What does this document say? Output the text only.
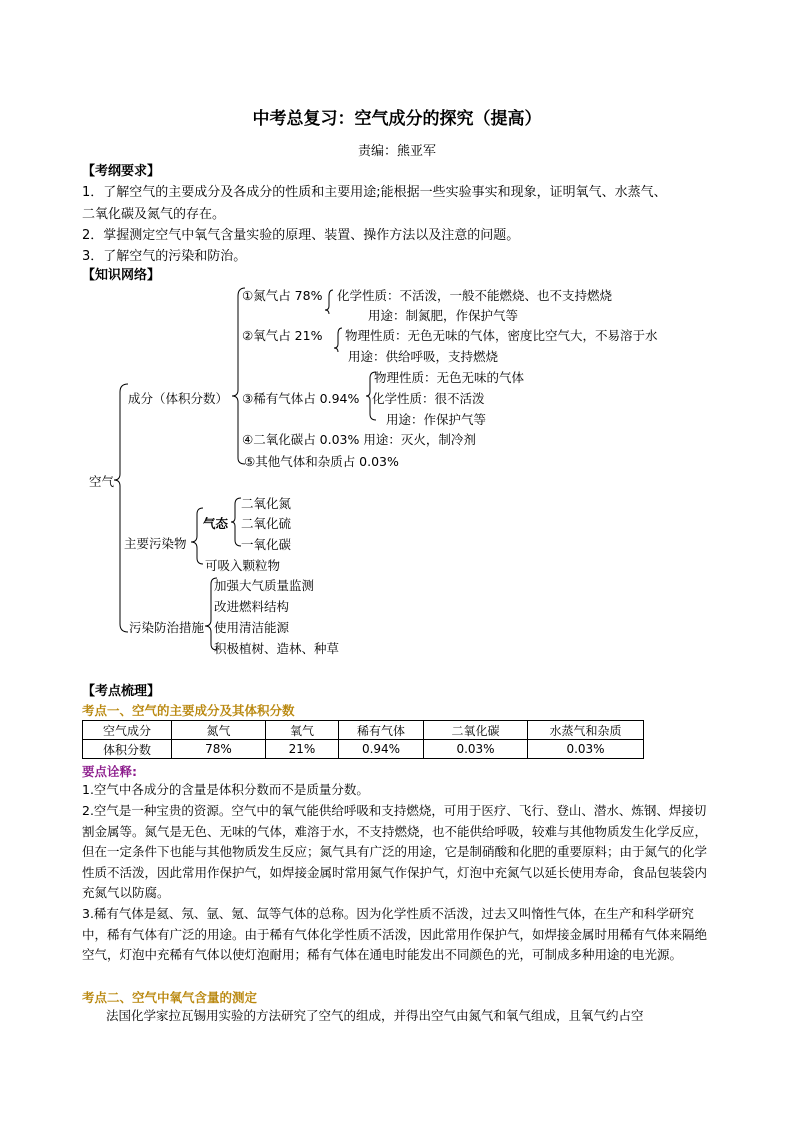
中考总复习：空气成分的探究（提高）
责编：熊亚军
【考纲要求】
1．了解空气的主要成分及各成分的性质和主要用途;能根据一些实验事实和现象，证明氧气、水蒸气、
二氧化碳及氮气的存在。
2．掌握测定空气中氧气含量实验的原理、装置、操作方法以及注意的问题。
3．了解空气的污染和防治。
【知识网络】
空气
成分（体积分数）
①氮气占 78% 化学性质：不活泼，一般不能燃烧、也不支持燃烧
用途：制氮肥，作保护气等
②氧气占 21% 物理性质：无色无味的气体，密度比空气大，不易溶于水
用途：供给呼吸，支持燃烧
物理性质：无色无味的气体
③稀有气体占 0.94% 化学性质：很不活泼
用途：作保护气等
④二氧化碳占 0.03% 用途：灭火，制冷剂
⑤其他气体和杂质占 0.03%
二氧化氮
气态 二氧化硫
一氧化碳
主要污染物
可吸入颗粒物
加强大气质量监测
改进燃料结构
污染防治措施 使用清洁能源
积极植树、造林、种草
【考点梳理】
考点一、空气的主要成分及其体积分数
空气成分	氮气	氧气	稀有气体	二氧化碳	水蒸气和杂质
体积分数	78%	21%	0.94%	0.03%	0.03%
要点诠释:
1.空气中各成分的含量是体积分数而不是质量分数。
2.空气是一种宝贵的资源。空气中的氧气能供给呼吸和支持燃烧，可用于医疗、飞行、登山、潜水、炼钢、焊接切割金属等。氮气是无色、无味的气体，难溶于水，不支持燃烧，也不能供给呼吸，较难与其他物质发生化学反应，但在一定条件下也能与其他物质发生反应；氮气具有广泛的用途，它是制硝酸和化肥的重要原料；由于氮气的化学性质不活泼，因此常用作保护气，如焊接金属时常用氮气作保护气，灯泡中充氮气以延长使用寿命，食品包装袋内充氮气以防腐。
3.稀有气体是氦、氖、氩、氪、氙等气体的总称。因为化学性质不活泼，过去又叫惰性气体，在生产和科学研究中，稀有气体有广泛的用途。由于稀有气体化学性质不活泼，因此常用作保护气，如焊接金属时用稀有气体来隔绝空气，灯泡中充稀有气体以使灯泡耐用；稀有气体在通电时能发出不同颜色的光，可制成多种用途的电光源。
考点二、空气中氧气含量的测定
法国化学家拉瓦锡用实验的方法研究了空气的组成，并得出空气由氮气和氧气组成，且氧气约占空
